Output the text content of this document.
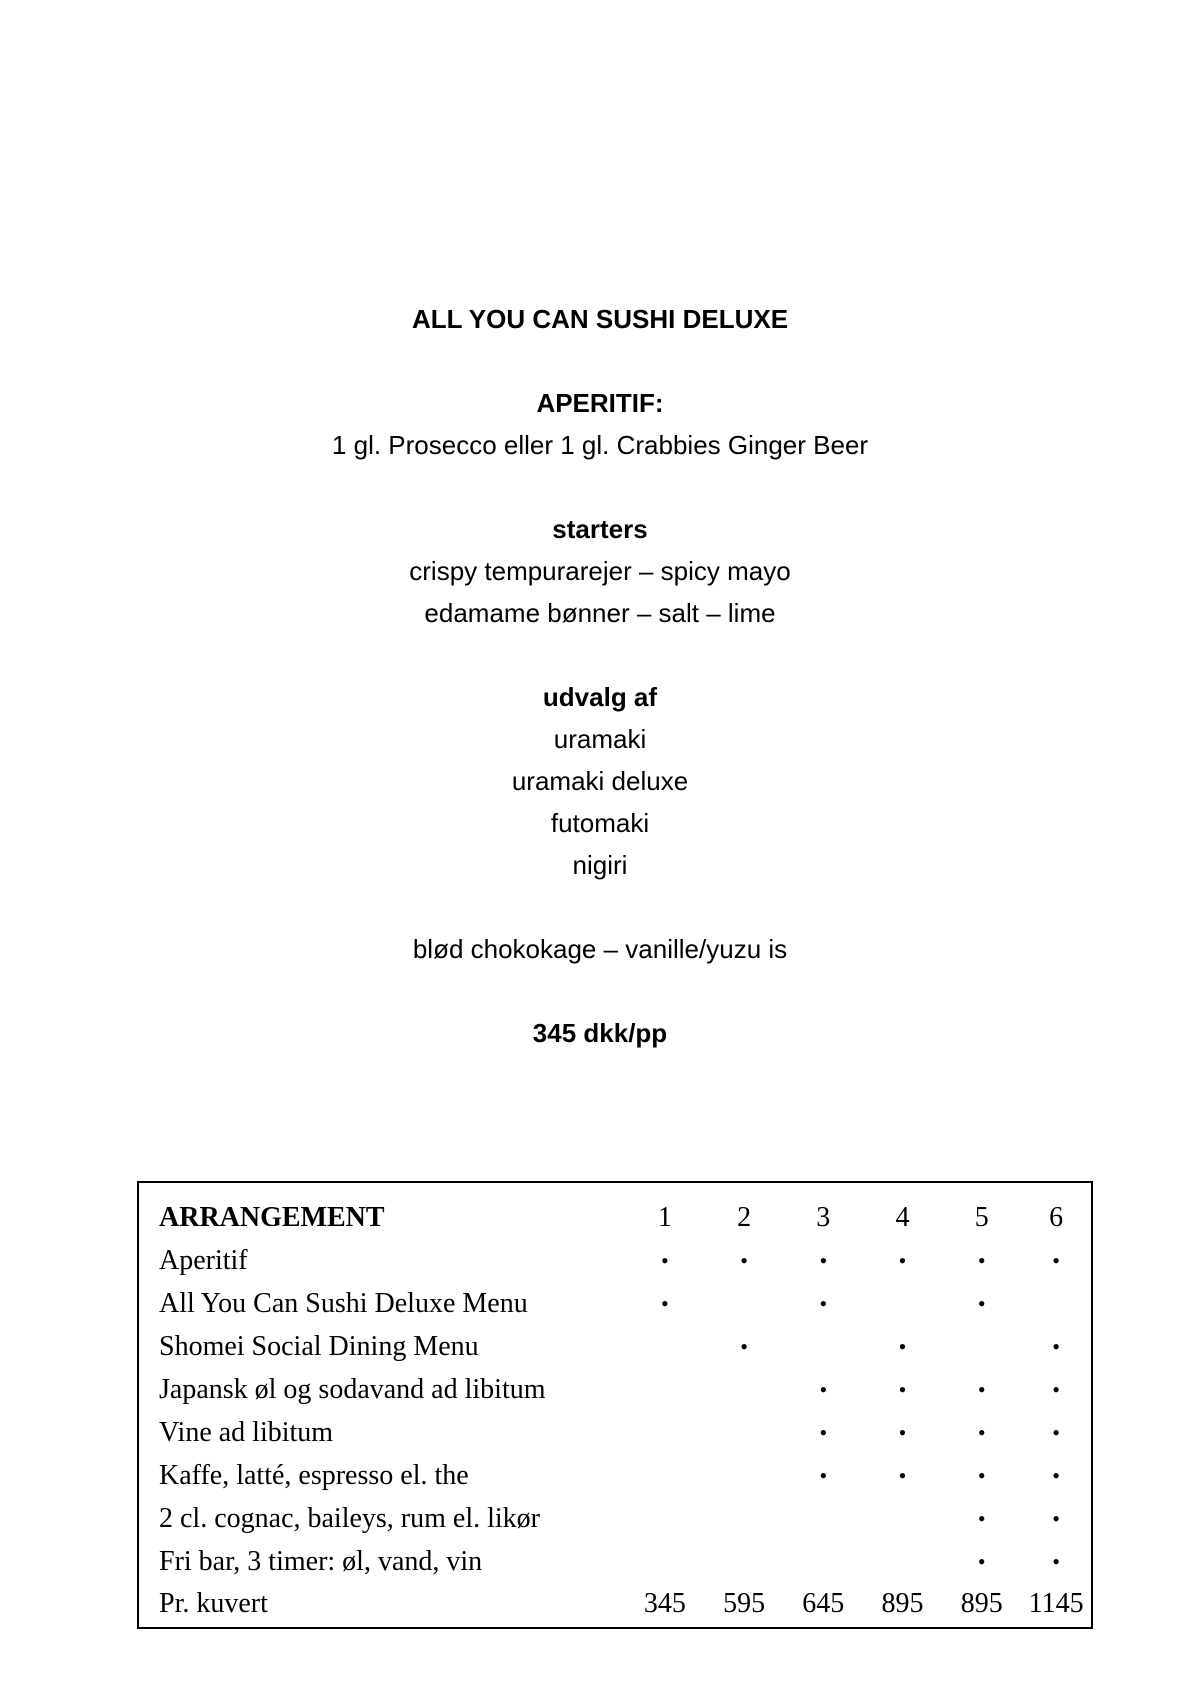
ALL YOU CAN SUSHI DELUXE
APERITIF:
1 gl. Prosecco eller 1 gl. Crabbies Ginger Beer
starters
crispy tempurarejer – spicy mayo
edamame bønner – salt – lime
udvalg af
uramaki
uramaki deluxe
futomaki
nigiri
blød chokokage – vanille/yuzu is
345 dkk/pp
ARRANGEMENT	1	2	3	4	5	6
Aperitif	•	•	•	•	•	•
All You Can Sushi Deluxe Menu	•		•		•	
Shomei Social Dining Menu		•		•		•
Japansk øl og sodavand ad libitum			•	•	•	•
Vine ad libitum			•	•	•	•
Kaffe, latté, espresso el. the			•	•	•	•
2 cl. cognac, baileys, rum el. likør					•	•
Fri bar, 3 timer: øl, vand, vin					•	•
Pr. kuvert	345	595	645	895	895	1145
